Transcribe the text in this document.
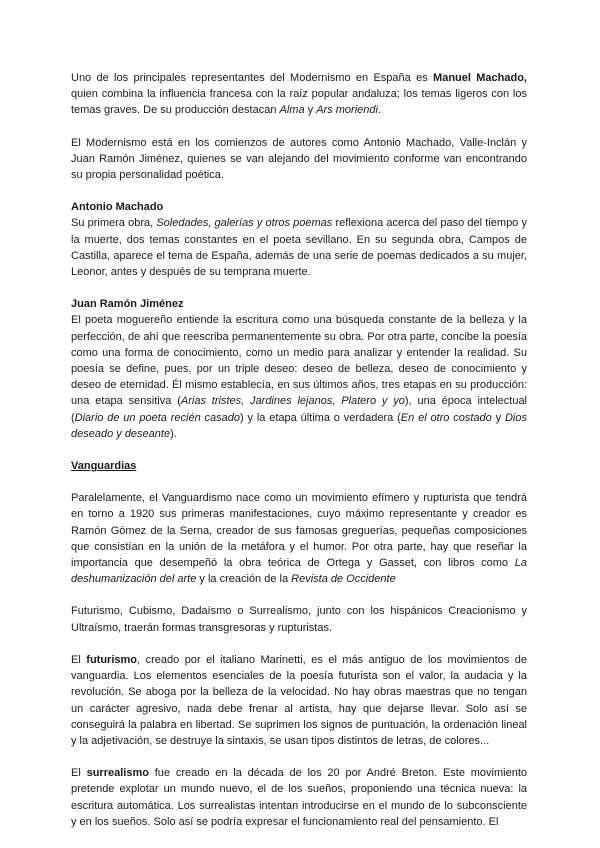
Uno de los principales representantes del Modernismo en España es Manuel Machado, quien combina la influencia francesa con la raíz popular andaluza; los temas ligeros con los temas graves. De su producción destacan Alma y Ars moriendi.

El Modernismo está en los comienzos de autores como Antonio Machado, Valle-Inclán y Juan Ramón Jiménez, quienes se van alejando del movimiento conforme van encontrando su propia personalidad poética.

Antonio Machado

Su primera obra, Soledades, galerías y otros poemas reflexiona acerca del paso del tiempo y la muerte, dos temas constantes en el poeta sevillano. En su segunda obra, Campos de Castilla, aparece el tema de España, además de una serie de poemas dedicados a su mujer, Leonor, antes y después de su temprana muerte.

Juan Ramón Jiménez

El poeta moguereño entiende la escritura como una búsqueda constante de la belleza y la perfección, de ahí que reescriba permanentemente su obra. Por otra parte, concibe la poesía como una forma de conocimiento, como un medio para analizar y entender la realidad. Su poesía se define, pues, por un triple deseo: deseo de belleza, deseo de conocimiento y deseo de eternidad. Él mismo establecía, en sus últimos años, tres etapas en su producción: una etapa sensitiva (Arias tristes, Jardines lejanos, Platero y yo), una época intelectual (Diario de un poeta recién casado) y la etapa última o verdadera (En el otro costado y Dios deseado y deseante).

Vanguardias

Paralelamente, el Vanguardismo nace como un movimiento efímero y rupturista que tendrá en torno a 1920 sus primeras manifestaciones, cuyo máximo representante y creador es Ramón Gómez de la Serna, creador de sus famosas greguerías, pequeñas composiciones que consistían en la unión de la metáfora y el humor. Por otra parte, hay que reseñar la importancia que desempeñó la obra teórica de Ortega y Gasset, con libros como La deshumanización del arte y la creación de la Revista de Occidente

Futurismo, Cubismo, Dadaísmo o Surrealismo, junto con los hispánicos Creacionismo y Ultraísmo, traerán formas transgresoras y rupturistas.

El futurismo, creado por el italiano Marinetti, es el más antiguo de los movimientos de vanguardia. Los elementos esenciales de la poesía futurista son el valor, la audacia y la revolución. Se aboga por la belleza de la velocidad. No hay obras maestras que no tengan un carácter agresivo, nada debe frenar al artista, hay que dejarse llevar. Solo así se conseguirá la palabra en libertad. Se suprimen los signos de puntuación, la ordenación lineal y la adjetivación, se destruye la sintaxis, se usan tipos distintos de letras, de colores...

El surrealismo fue creado en la década de los 20 por André Breton. Este movimiento pretende explotar un mundo nuevo, el de los sueños, proponiendo una técnica nueva: la escritura automática. Los surrealistas intentan introducirse en el mundo de lo subconsciente y en los sueños. Solo así se podría expresar el funcionamiento real del pensamiento. El
